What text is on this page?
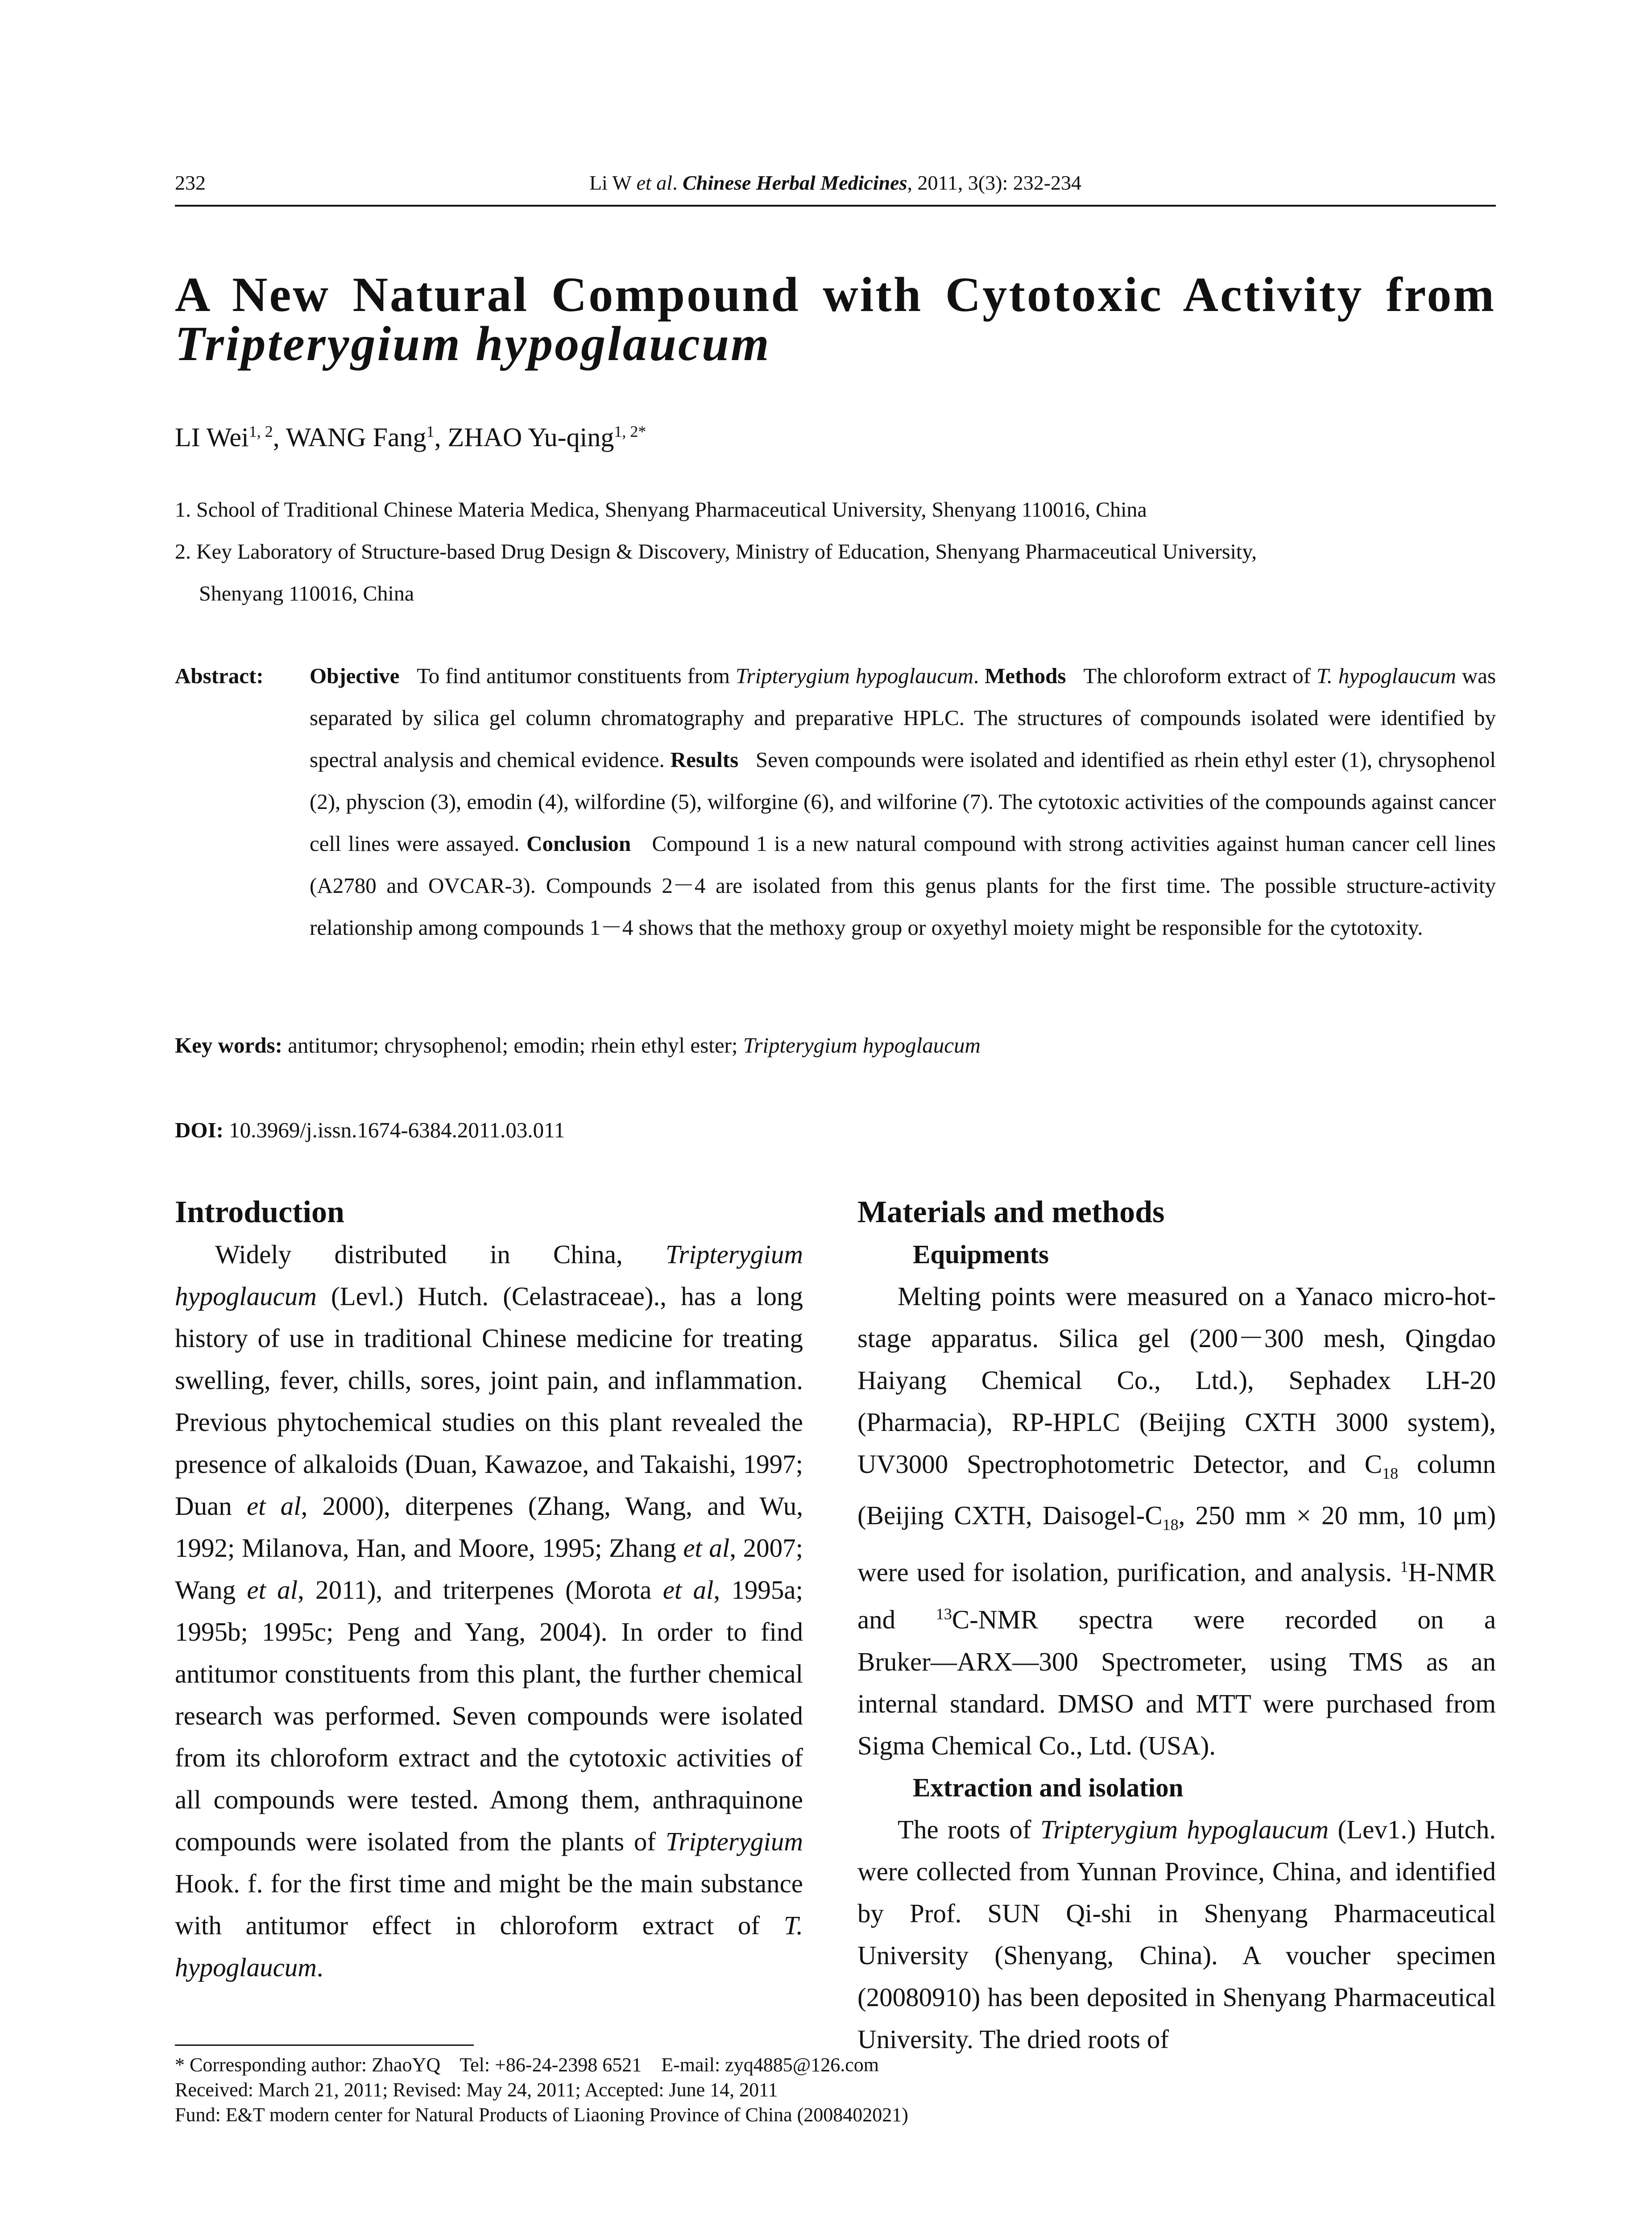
232	Li W et al. Chinese Herbal Medicines, 2011, 3(3): 232-234
A New Natural Compound with Cytotoxic Activity from
Tripterygium hypoglaucum
LI Wei$^{1, 2}$, WANG Fang$^1$, ZHAO Yu-qing$^{1, 2*}$
1. School of Traditional Chinese Materia Medica, Shenyang Pharmaceutical University, Shenyang 110016, China
2. Key Laboratory of Structure-based Drug Design & Discovery, Ministry of Education, Shenyang Pharmaceutical University,
Shenyang 110016, China
Abstract: Objective To find antitumor constituents from Tripterygium hypoglaucum. Methods The chloroform extract of T. hypoglaucum was separated by silica gel column chromatography and preparative HPLC. The structures of compounds isolated were identified by spectral analysis and chemical evidence. Results Seven compounds were isolated and identified as rhein ethyl ester (1), chrysophenol (2), physcion (3), emodin (4), wilfordine (5), wilforgine (6), and wilforine (7). The cytotoxic activities of the compounds against cancer cell lines were assayed. Conclusion Compound 1 is a new natural compound with strong activities against human cancer cell lines (A2780 and OVCAR-3). Compounds 2－4 are isolated from this genus plants for the first time. The possible structure-activity relationship among compounds 1－4 shows that the methoxy group or oxyethyl moiety might be responsible for the cytotoxity.
Key words: antitumor; chrysophenol; emodin; rhein ethyl ester; Tripterygium hypoglaucum
DOI: 10.3969/j.issn.1674-6384.2011.03.011
Introduction

Widely distributed in China, Tripterygium hypoglaucum (Levl.) Hutch. (Celastraceae)., has a long history of use in traditional Chinese medicine for treating swelling, fever, chills, sores, joint pain, and inflammation. Previous phytochemical studies on this plant revealed the presence of alkaloids (Duan, Kawazoe, and Takaishi, 1997; Duan et al, 2000), diterpenes (Zhang, Wang, and Wu, 1992; Milanova, Han, and Moore, 1995; Zhang et al, 2007; Wang et al, 2011), and triterpenes (Morota et al, 1995a; 1995b; 1995c; Peng and Yang, 2004). In order to find antitumor constituents from this plant, the further chemical research was performed. Seven compounds were isolated from its chloroform extract and the cytotoxic activities of all compounds were tested. Among them, anthraquinone compounds were isolated from the plants of Tripterygium Hook. f. for the first time and might be the main substance with antitumor effect in chloroform extract of T. hypoglaucum.

Materials and methods
Equipments

Melting points were measured on a Yanaco micro-hot-stage apparatus. Silica gel (200－300 mesh, Qingdao Haiyang Chemical Co., Ltd.), Sephadex LH-20 (Pharmacia), RP-HPLC (Beijing CXTH 3000 system), UV3000 Spectrophotometric Detector, and $C_{18}$ column (Beijing CXTH, Daisogel-$C_{18}$, 250 mm × 20 mm, 10 μm) were used for isolation, purification, and analysis. $^1$H-NMR and $^{13}$C-NMR spectra were recorded on a Bruker―ARX―300 Spectrometer, using TMS as an internal standard. DMSO and MTT were purchased from Sigma Chemical Co., Ltd. (USA).

Extraction and isolation

The roots of Tripterygium hypoglaucum (Lev1.) Hutch. were collected from Yunnan Province, China, and identified by Prof. SUN Qi-shi in Shenyang Pharmaceutical University (Shenyang, China). A voucher specimen (20080910) has been deposited in Shenyang Pharmaceutical University. The dried roots of

* Corresponding author: ZhaoYQ    Tel: +86-24-2398 6521    E-mail: zyq4885@126.com
Received: March 21, 2011; Revised: May 24, 2011; Accepted: June 14, 2011
Fund: E&T modern center for Natural Products of Liaoning Province of China (2008402021)
